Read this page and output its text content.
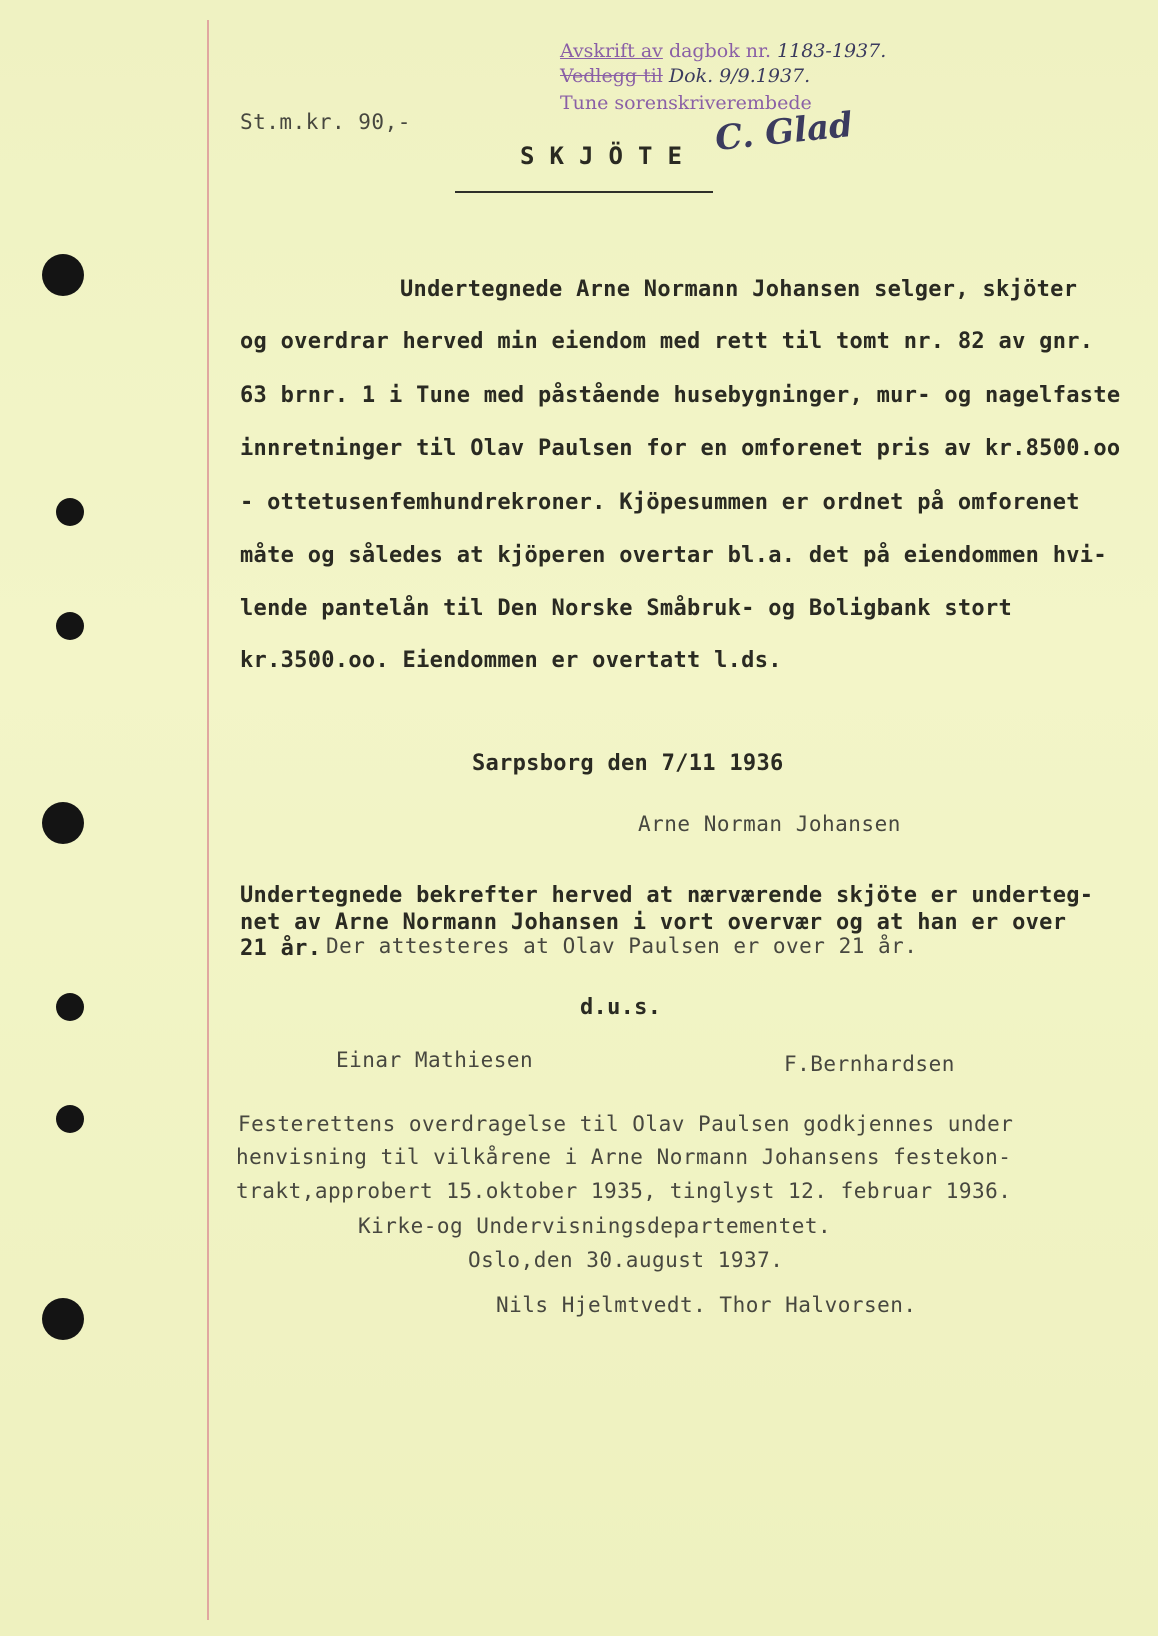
Avskrift av dagbok nr. 1183-1937.
Vedlegg til Dok. 9/9.1937.
Tune sorenskriverembede
C. Glad
St.m.kr. 90,-
S K J Ö T E
Undertegnede Arne Normann Johansen selger, skjöter
og overdrar herved min eiendom med rett til tomt nr. 82 av gnr.
63 brnr. 1 i Tune med påstående husebygninger, mur- og nagelfaste
innretninger til Olav Paulsen for en omforenet pris av kr.8500.oo
- ottetusenfemhundrekroner. Kjöpesummen er ordnet på omforenet
måte og således at kjöperen overtar bl.a. det på eiendommen hvi-
lende pantelån til Den Norske Småbruk- og Boligbank stort
kr.3500.oo. Eiendommen er overtatt l.ds.
Sarpsborg den 7/11 1936
Arne Norman Johansen
Undertegnede bekrefter herved at nærværende skjöte er underteg-
net av Arne Normann Johansen i vort overvær og at han er over
21 år. Der attesteres at Olav Paulsen er over 21 år.
d.u.s.
Einar Mathiesen	F.Bernhardsen
Festerettens overdragelse til Olav Paulsen godkjennes under
henvisning til vilkårene i Arne Normann Johansens festekon-
trakt,approbert 15.oktober 1935, tinglyst 12. februar 1936.
Kirke-og Undervisningsdepartementet.
Oslo,den 30.august 1937.
Nils Hjelmtvedt. Thor Halvorsen.
